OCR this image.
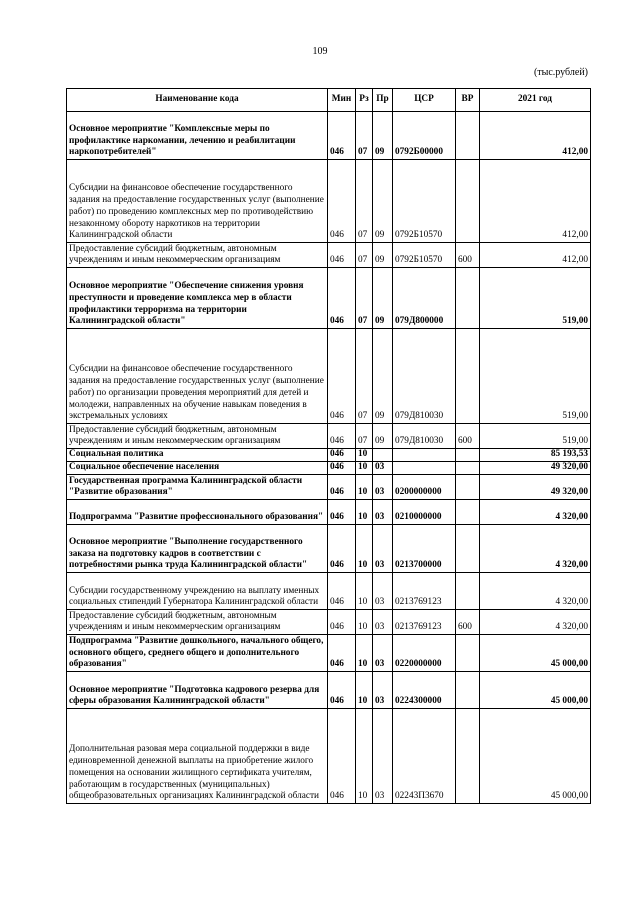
109
(тыс.рублей)
Наименование кода	Мин	Рз	Пр	ЦСР	ВР	2021 год
Основное мероприятие "Комплексные меры по профилактике наркомании, лечению и реабилитации наркопотребителей"	046	07	09	0792Б00000		412,00
Субсидии на финансовое обеспечение государственного задания на предоставление государственных услуг (выполнение работ) по проведению комплексных мер по противодействию незаконному обороту наркотиков на территории Калининградской области	046	07	09	0792Б10570		412,00
Предоставление субсидий бюджетным, автономным учреждениям и иным некоммерческим организациям	046	07	09	0792Б10570	600	412,00
Основное мероприятие "Обеспечение снижения уровня преступности и проведение комплекса мер в области профилактики терроризма на территории Калининградской области"	046	07	09	079Д800000		519,00
Субсидии на финансовое обеспечение государственного задания на предоставление государственных услуг (выполнение работ) по организации проведения мероприятий для детей и молодежи, направленных на обучение навыкам поведения в экстремальных условиях	046	07	09	079Д810030		519,00
Предоставление субсидий бюджетным, автономным учреждениям и иным некоммерческим организациям	046	07	09	079Д810030	600	519,00
Социальная политика	046	10				85 193,53
Социальное обеспечение населения	046	10	03			49 320,00
Государственная программа Калининградской области "Развитие образования"	046	10	03	0200000000		49 320,00
Подпрограмма "Развитие профессионального образования"	046	10	03	0210000000		4 320,00
Основное мероприятие "Выполнение государственного заказа на подготовку кадров в соответствии с потребностями рынка труда Калининградской области"	046	10	03	0213700000		4 320,00
Субсидии государственному учреждению на выплату именных социальных стипендий Губернатора Калининградской области	046	10	03	0213769123		4 320,00
Предоставление субсидий бюджетным, автономным учреждениям и иным некоммерческим организациям	046	10	03	0213769123	600	4 320,00
Подпрограмма "Развитие дошкольного, начального общего, основного общего, среднего общего и дополнительного образования"	046	10	03	0220000000		45 000,00
Основное мероприятие "Подготовка кадрового резерва для сферы образования Калининградской области"	046	10	03	0224300000		45 000,00
Дополнительная разовая мера социальной поддержки в виде единовременной денежной выплаты на приобретение жилого помещения на основании жилищного сертификата учителям, работающим в государственных (муниципальных) общеобразовательных организациях Калининградской области	046	10	03	02243П3670		45 000,00
